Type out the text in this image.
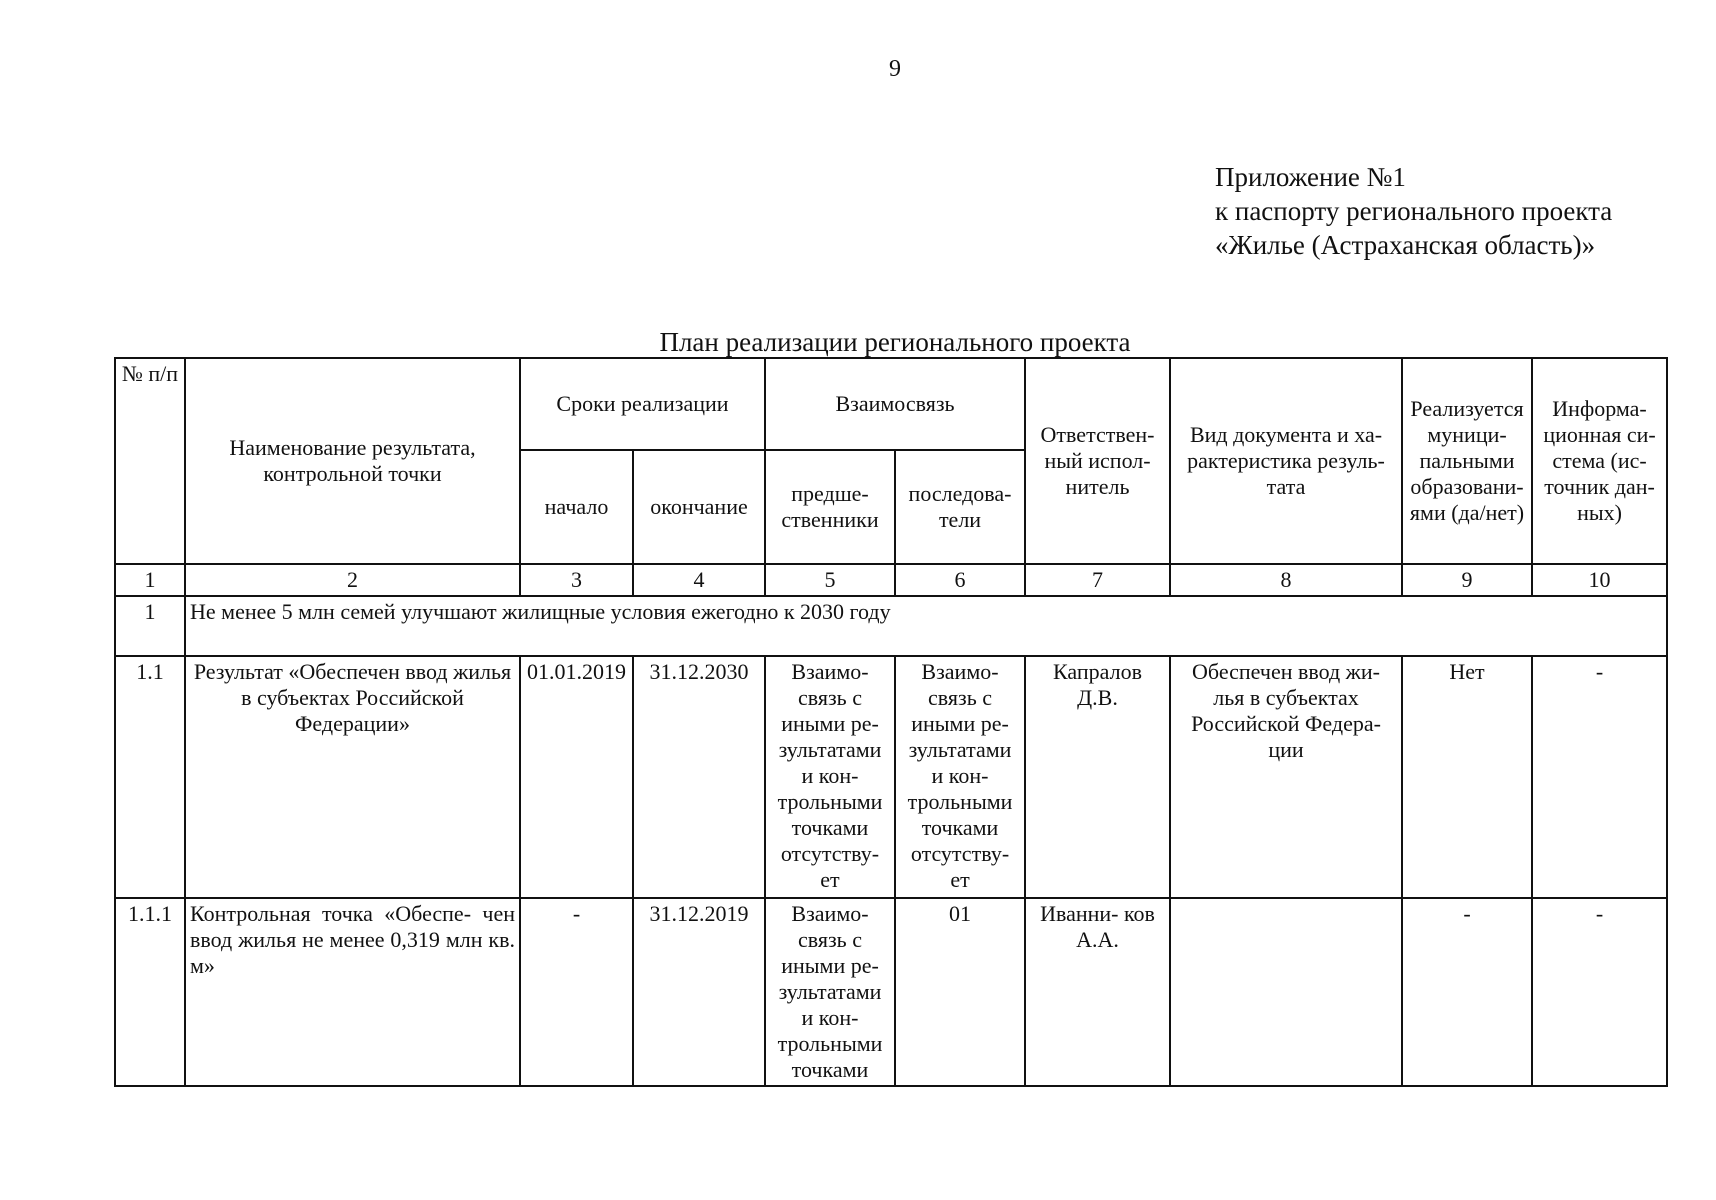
9
Приложение №1
к паспорту регионального проекта
«Жилье (Астраханская область)»
План реализации регионального проекта
№ п/п	Наименование результата, контрольной точки	Сроки реализации		Взаимосвязь		Ответствен- ный испол- нитель	Вид документа и ха- рактеристика резуль- тата	Реализуется муници- пальными образовани- ями (да/нет)	Информа- ционная си- стема (ис- точник дан- ных)
		начало	окончание	предше- ственники	последова- тели				
1	2	3	4	5	6	7	8	9	10
1	Не менее 5 млн семей улучшают жилищные условия ежегодно к 2030 году								
1.1	Результат «Обеспечен ввод жилья в субъектах Российской Федерации»	01.01.2019	31.12.2030	Взаимо- связь с иными ре- зультатами и кон- трольными точками отсутству- ет	Взаимо- связь с иными ре- зультатами и кон- трольными точками отсутству- ет	Капралов Д.В.	Обеспечен ввод жи- лья в субъектах Российской Федера- ции	Нет	-
1.1.1	Контрольная точка «Обеспе- чен ввод жилья не менее 0,319 млн кв. м»	-	31.12.2019	Взаимо- связь с иными ре- зультатами и кон- трольными точками	01	Иванни- ков А.А.		-	-
